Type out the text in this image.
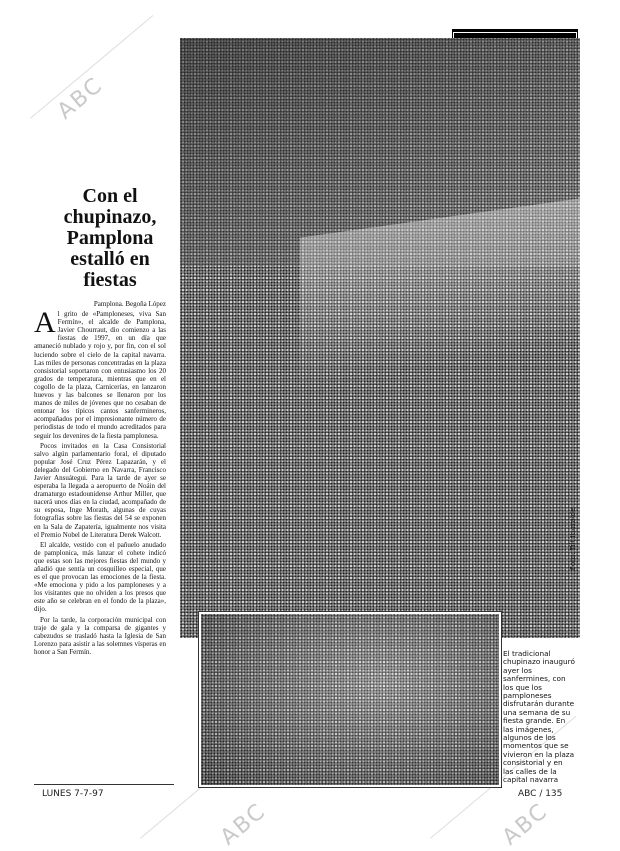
ABC
ABC	ABC
Foto: Tilt Iturralde
Con el
chupinazo,
Pamplona
estalló en
fiestas

Pamplona. Begoña López

Al grito de «Pamploneses, viva San Fermín», el alcalde de Pamplona, Javier Chourraut, dio comienzo a las fiestas de 1997, en un día que amaneció nublado y rojo y, por fin, con el sol luciendo sobre el cielo de la capital navarra. Las miles de personas concentradas en la plaza consistorial soportaron con entusiasmo los 20 grados de temperatura, mientras que en el cogollo de la plaza, Carnicerías, en lanzaron huevos y las balcones se llenaron por los manos de miles de jóvenes que no cesaban de entonar los típicos cantos sanfermineros, acompañados por el impresionante número de periodistas de todo el mundo acreditados para seguir los devenires de la fiesta pamplonesa.

Pocos invitados en la Casa Consistorial salvo algún parlamentario foral, el diputado popular José Cruz Pérez Lapazarán, y el delegado del Gobierno en Navarra, Francisco Javier Ansuátegui. Para la tarde de ayer se esperaba la llegada a aeropuerto de Noáin del dramaturgo estadounidense Arthur Miller, que nacerá unos días en la ciudad, acompañado de su esposa, Inge Morath, algunas de cuyas fotografías sobre las fiestas del 54 se exponen en la Sala de Zapatería, igualmente nos visita el Premio Nobel de Literatura Derek Walcott.

El alcalde, vestido con el pañuelo anudado de pamplonica, más lanzar el cohete indicó que estas son las mejores fiestas del mundo y añadió que sentía un cosquilleo especial, que es el que provocan las emociones de la fiesta. «Me emociona y pido a los pamploneses y a los visitantes que no olviden a los presos que este año se celebran en el fondo de la plaza», dijo.

Por la tarde, la corporación municipal con traje de gala y la comparsa de gigantes y cabezudos se trasladó hasta la Iglesia de San Lorenzo para asistir a las solemnes vísperas en honor a San Fermín.	El tradicional chupinazo inauguró ayer los sanfermines, con los que los pamploneses disfrutarán durante una semana de su fiesta grande. En las imágenes, algunos de los momentos que se vivieron en la plaza consistorial y en las calles de la capital navarra
LUNES 7-7-97	ABC / 135
